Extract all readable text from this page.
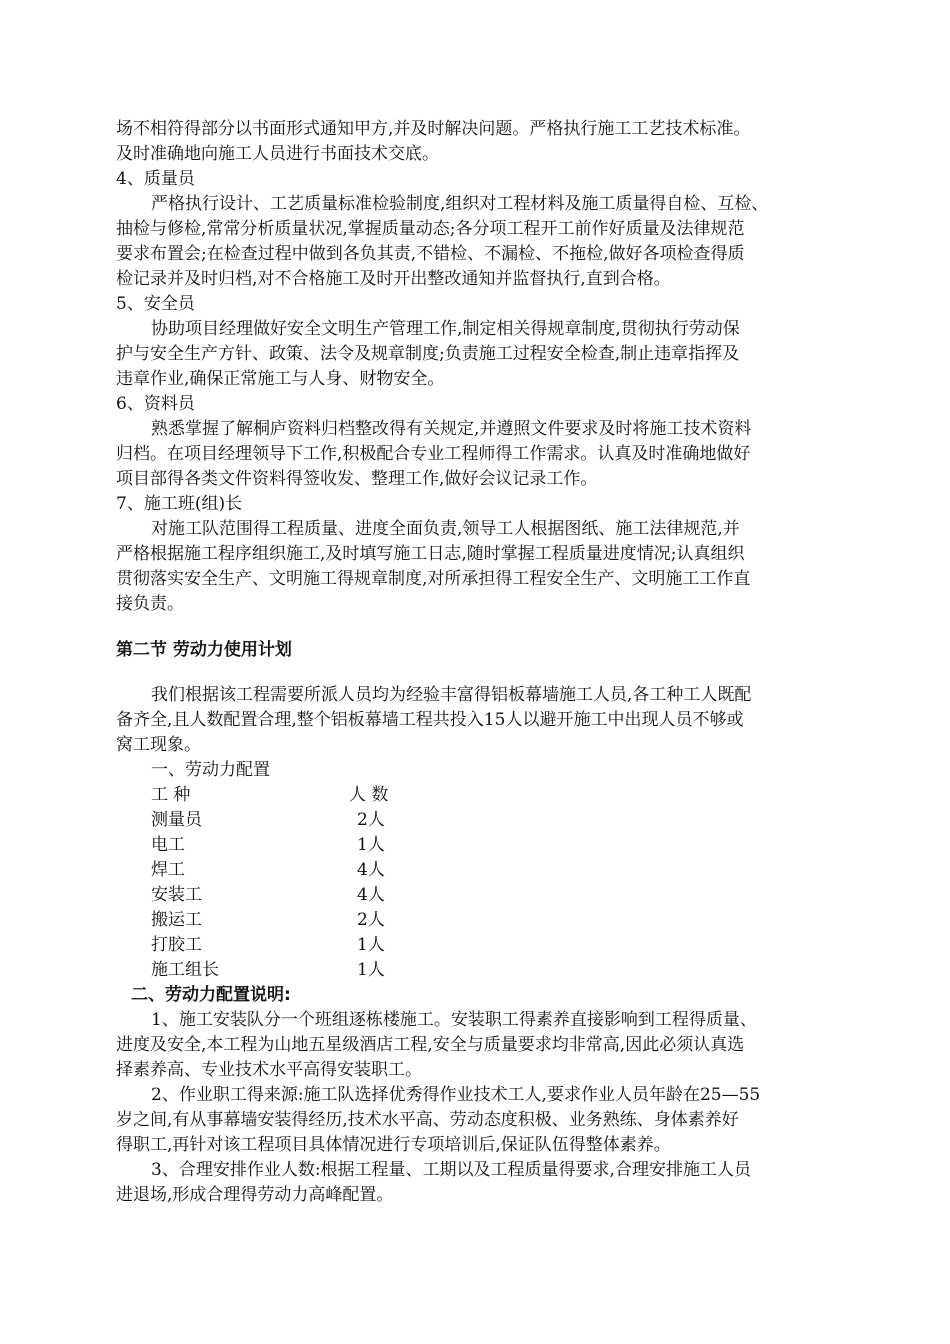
场不相符得部分以书面形式通知甲方,并及时解决问题。严格执行施工工艺技术标准。
及时准确地向施工人员进行书面技术交底。
4、质量员
严格执行设计、工艺质量标准检验制度,组织对工程材料及施工质量得自检、互检、
抽检与修检,常常分析质量状况,掌握质量动态;各分项工程开工前作好质量及法律规范
要求布置会;在检查过程中做到各负其责,不错检、不漏检、不拖检,做好各项检查得质
检记录并及时归档,对不合格施工及时开出整改通知并监督执行,直到合格。
5、安全员
协助项目经理做好安全文明生产管理工作,制定相关得规章制度,贯彻执行劳动保
护与安全生产方针、政策、法令及规章制度;负责施工过程安全检查,制止违章指挥及
违章作业,确保正常施工与人身、财物安全。
6、资料员
熟悉掌握了解桐庐资料归档整改得有关规定,并遵照文件要求及时将施工技术资料
归档。在项目经理领导下工作,积极配合专业工程师得工作需求。认真及时准确地做好
项目部得各类文件资料得签收发、整理工作,做好会议记录工作。
7、施工班(组)长
对施工队范围得工程质量、进度全面负责,领导工人根据图纸、施工法律规范,并
严格根据施工程序组织施工,及时填写施工日志,随时掌握工程质量进度情况;认真组织
贯彻落实安全生产、文明施工得规章制度,对所承担得工程安全生产、文明施工工作直
接负责。
第二节 劳动力使用计划
我们根据该工程需要所派人员均为经验丰富得铝板幕墙施工人员,各工种工人既配
备齐全,且人数配置合理,整个铝板幕墙工程共投入15人以避开施工中出现人员不够或
窝工现象。
一、劳动力配置
工 种	人 数
测量员	2人
电工	1人
焊工	4人
安装工	4人
搬运工	2人
打胶工	1人
施工组长	1人
二、劳动力配置说明:
1、施工安装队分一个班组逐栋楼施工。安装职工得素养直接影响到工程得质量、
进度及安全,本工程为山地五星级酒店工程,安全与质量要求均非常高,因此必须认真选
择素养高、专业技术水平高得安装职工。
2、作业职工得来源:施工队选择优秀得作业技术工人,要求作业人员年龄在25—55
岁之间,有从事幕墙安装得经历,技术水平高、劳动态度积极、业务熟练、身体素养好
得职工,再针对该工程项目具体情况进行专项培训后,保证队伍得整体素养。
3、合理安排作业人数:根据工程量、工期以及工程质量得要求,合理安排施工人员
进退场,形成合理得劳动力高峰配置。
